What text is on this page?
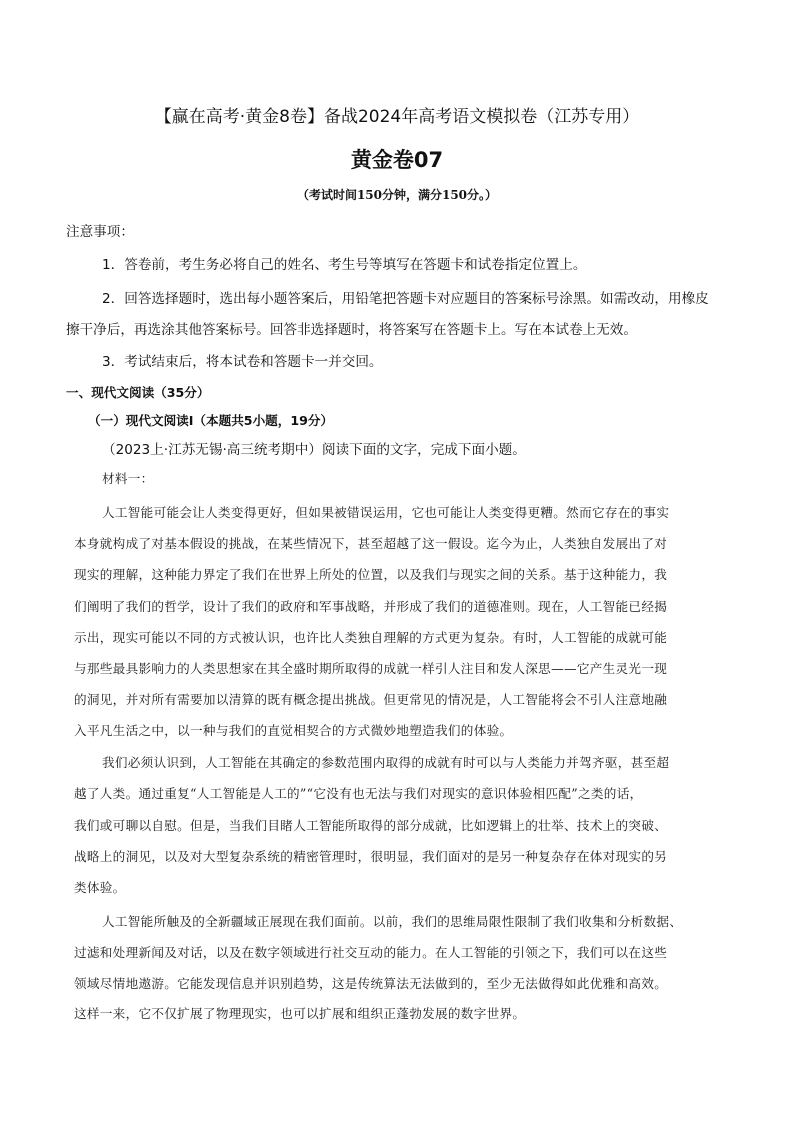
【赢在高考·黄金8卷】备战2024年高考语文模拟卷（江苏专用）
黄金卷07
（考试时间150分钟，满分150分。）
注意事项：
1．答卷前，考生务必将自己的姓名、考生号等填写在答题卡和试卷指定位置上。
2．回答选择题时，选出每小题答案后，用铅笔把答题卡对应题目的答案标号涂黑。如需改动，用橡皮
擦干净后，再选涂其他答案标号。回答非选择题时，将答案写在答题卡上。写在本试卷上无效。
3．考试结束后，将本试卷和答题卡一并交回。
一、现代文阅读（35分）
（一）现代文阅读Ⅰ（本题共5小题，19分）
（2023上·江苏无锡·高三统考期中）阅读下面的文字，完成下面小题。
材料一：
人工智能可能会让人类变得更好，但如果被错误运用，它也可能让人类变得更糟。然而它存在的事实
本身就构成了对基本假设的挑战，在某些情况下，甚至超越了这一假设。迄今为止，人类独自发展出了对
现实的理解，这种能力界定了我们在世界上所处的位置，以及我们与现实之间的关系。基于这种能力，我
们阐明了我们的哲学，设计了我们的政府和军事战略，并形成了我们的道德准则。现在，人工智能已经揭
示出，现实可能以不同的方式被认识，也许比人类独自理解的方式更为复杂。有时，人工智能的成就可能
与那些最具影响力的人类思想家在其全盛时期所取得的成就一样引人注目和发人深思——它产生灵光一现
的洞见，并对所有需要加以清算的既有概念提出挑战。但更常见的情况是，人工智能将会不引人注意地融
入平凡生活之中，以一种与我们的直觉相契合的方式微妙地塑造我们的体验。
我们必须认识到，人工智能在其确定的参数范围内取得的成就有时可以与人类能力并驾齐驱，甚至超
越了人类。通过重复“人工智能是人工的”“它没有也无法与我们对现实的意识体验相匹配”之类的话，
我们或可聊以自慰。但是，当我们目睹人工智能所取得的部分成就，比如逻辑上的壮举、技术上的突破、
战略上的洞见，以及对大型复杂系统的精密管理时，很明显，我们面对的是另一种复杂存在体对现实的另
类体验。
人工智能所触及的全新疆域正展现在我们面前。以前，我们的思维局限性限制了我们收集和分析数据、
过滤和处理新闻及对话，以及在数字领域进行社交互动的能力。在人工智能的引领之下，我们可以在这些
领域尽情地遨游。它能发现信息并识别趋势，这是传统算法无法做到的，至少无法做得如此优雅和高效。
这样一来，它不仅扩展了物理现实，也可以扩展和组织正蓬勃发展的数字世界。
